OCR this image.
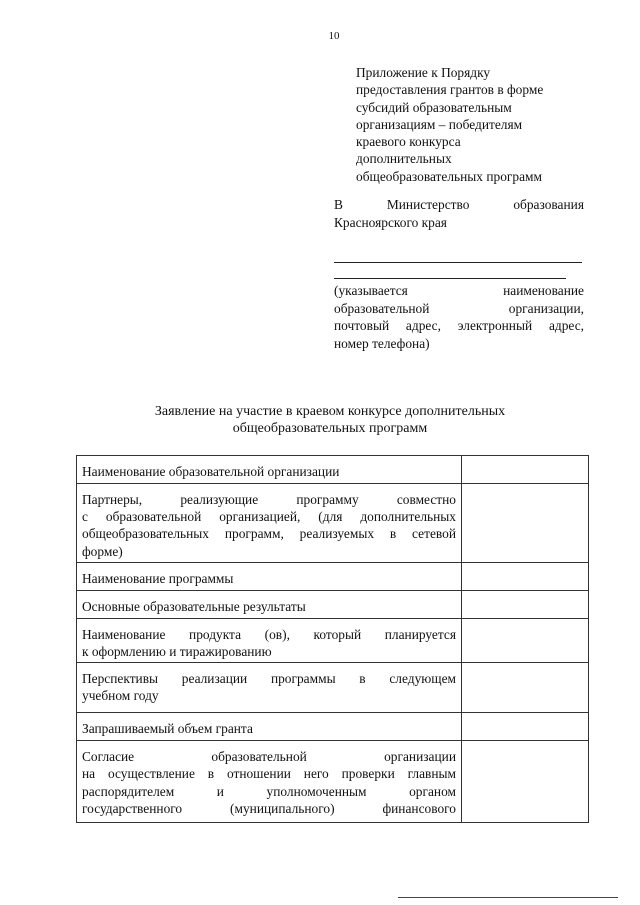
10
Приложение к Порядку
предоставления грантов в форме
субсидий образовательным
организациям – победителям
краевого конкурса
дополнительных
общеобразовательных программ
В	Министерство	образования
Красноярского края
(указывается	наименование
образовательной	организации,
почтовый адрес, электронный адрес,
номер телефона)
Заявление на участие в краевом конкурсе дополнительных
общеобразовательных программ
Наименование образовательной организации	

Партнеры, реализующие программу совместно
с образовательной организацией, (для дополнительных
общеобразовательных программ, реализуемых в сетевой
форме)	

Наименование программы	
Основные образовательные результаты	

Наименование продукта (ов), который планируется
к оформлению и тиражированию	

Перспективы реализации программы в следующем
учебном году	

Запрашиваемый объем гранта	

Согласие образовательной организации
на осуществление в отношении него проверки главным
распорядителем и уполномоченным органом
государственного (муниципального) финансового	
